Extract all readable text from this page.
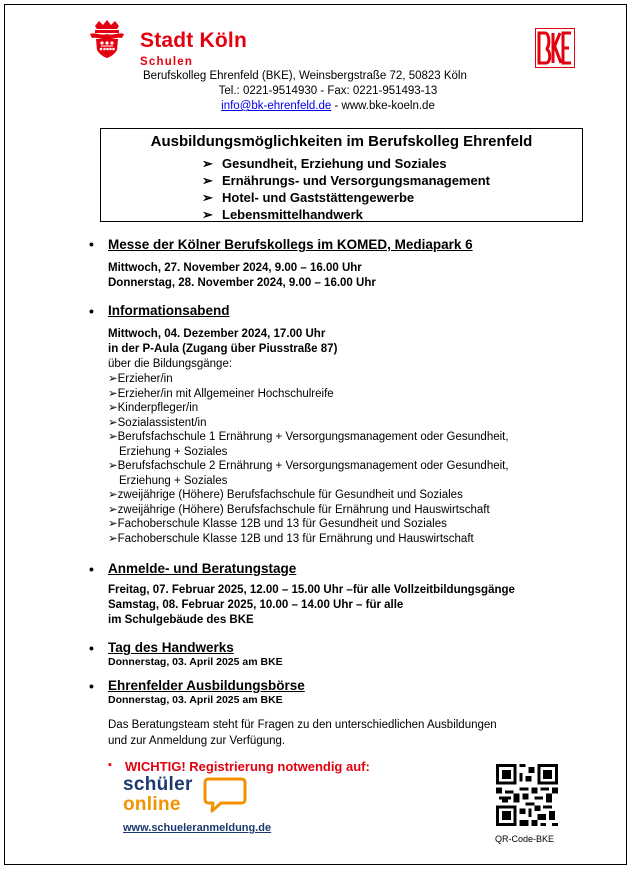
Stadt Köln
Schulen
Berufskolleg Ehrenfeld (BKE), Weinsbergstraße 72, 50823 Köln
Tel.: 0221-9514930 - Fax: 0221-951493-13
info@bk-ehrenfeld.de - www.bke-koeln.de
Ausbildungsmöglichkeiten im Berufskolleg Ehrenfeld
➢ Gesundheit, Erziehung und Soziales
➢ Ernährungs- und Versorgungsmanagement
➢ Hotel- und Gaststättengewerbe
➢ Lebensmittelhandwerk
• Messe der Kölner Berufskollegs im KOMED, Mediapark 6
Mittwoch, 27. November 2024, 9.00 – 16.00 Uhr
Donnerstag, 28. November 2024, 9.00 – 16.00 Uhr
• Informationsabend
Mittwoch, 04. Dezember 2024, 17.00 Uhr
in der P-Aula (Zugang über Piusstraße 87)
über die Bildungsgänge:
➢Erzieher/in
➢Erzieher/in mit Allgemeiner Hochschulreife
➢Kinderpfleger/in
➢Sozialassistent/in
➢Berufsfachschule 1 Ernährung + Versorgungsmanagement oder Gesundheit,
Erziehung + Soziales
➢Berufsfachschule 2 Ernährung + Versorgungsmanagement oder Gesundheit,
Erziehung + Soziales
➢zweijährige (Höhere) Berufsfachschule für Gesundheit und Soziales
➢zweijährige (Höhere) Berufsfachschule für Ernährung und Hauswirtschaft
➢Fachoberschule Klasse 12B und 13 für Gesundheit und Soziales
➢Fachoberschule Klasse 12B und 13 für Ernährung und Hauswirtschaft
• Anmelde- und Beratungstage
Freitag, 07. Februar 2025, 12.00 – 15.00 Uhr –für alle Vollzeitbildungsgänge
Samstag, 08. Februar 2025, 10.00 – 14.00 Uhr – für alle
im Schulgebäude des BKE
• Tag des Handwerks
Donnerstag, 03. April 2025 am BKE
• Ehrenfelder Ausbildungsbörse
Donnerstag, 03. April 2025 am BKE
Das Beratungsteam steht für Fragen zu den unterschiedlichen Ausbildungen
und zur Anmeldung zur Verfügung.
▪ WICHTIG! Registrierung notwendig auf:
schüler
online
www.schueleranmeldung.de
QR-Code-BKE
